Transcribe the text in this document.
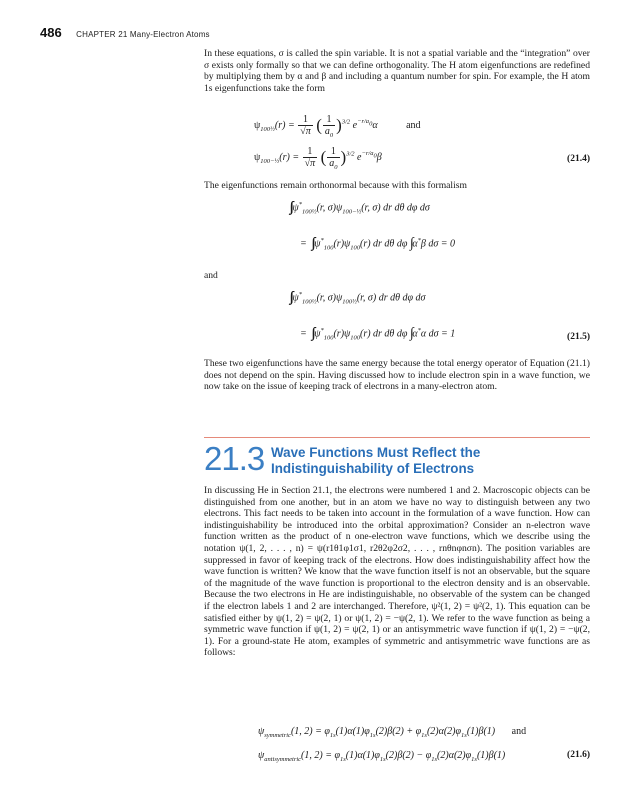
486 CHAPTER 21 Many-Electron Atoms

In these equations, σ is called the spin variable. It is not a spatial variable and the “integration” over σ exists only formally so that we can define orthogonality. The H atom eigenfunctions are redefined by multiplying them by α and β and including a quantum number for spin. For example, the H atom 1s eigenfunctions take the form

$\psi_{100\frac{1}{2}}(r) = \frac{1}{√\pi}$ ( $\frac{1}{a_0} )^{3/2}$ $e^{-r/a_0}\alpha$	and
$\psi_{100-\frac{1}{2}}(r) = \frac{1}{√\pi}$ ( $\frac{1}{a_0} )^{3/2}$ $e^{-r/a_0}\beta$	(21.4)

The eigenfunctions remain orthonormal because with this formalism

$\psi^*_{100\frac{1}{2}}(r$, $\sigma)\psi_{100-\frac{1}{2}}(r$, σ) dr dθ dφ dσ
=   $\psi^*_{100}(r)\psi_{100}(r)$ dr dθ dφ α*β dσ = 0

and

$\psi^*_{100\frac{1}{2}}(r$, $\sigma)\psi_{100\frac{1}{2}}(r$, σ) dr dθ dφ dσ
=   $\psi^*_{100}(r)\psi_{100}(r)$ dr dθ dφ α*α dσ = 1	(21.5)

These two eigenfunctions have the same energy because the total energy operator of Equation (21.1) does not depend on the spin. Having discussed how to include electron spin in a wave function, we now take on the issue of keeping track of electrons in a many-electron atom.

21.3 Wave Functions Must Reflect the Indistinguishability of Electrons

In discussing He in Section 21.1, the electrons were numbered 1 and 2. Macroscopic objects can be distinguished from one another, but in an atom we have no way to distinguish between any two electrons. This fact needs to be taken into account in the formulation of a wave function. How can indistinguishability be introduced into the orbital approximation? Consider an n-electron wave function written as the product of n one-electron wave functions, which we describe using the notation ψ(1, 2, . . . , n) = ψ(r1θ1φ1σ1, r2θ2φ2σ2, . . . , rnθnφnσn). The position variables are suppressed in favor of keeping track of the electrons. How does indistinguishability affect how the wave function is written? We know that the wave function itself is not an observable, but the square of the magnitude of the wave function is proportional to the electron density and is an observable. Because the two electrons in He are indistinguishable, no observable of the system can be changed if the electron labels 1 and 2 are interchanged. Therefore, ψ²(1, 2) = ψ²(2, 1). This equation can be satisfied either by ψ(1, 2) = ψ(2, 1) or ψ(1, 2) = −ψ(2, 1). We refer to the wave function as being a symmetric wave function if ψ(1, 2) = ψ(2, 1) or an antisymmetric wave function if ψ(1, 2) = −ψ(2, 1). For a ground-state He atom, examples of symmetric and antisymmetric wave functions are as follows:

$\psi_{symmetric}(1$, $2) = \varphi_{1s}(1)\alpha(1)\varphi_{1s}(2)\beta(2) + \varphi_{1s}(2)\alpha(2)\varphi_{1s}(1)\beta(1)$ and
$\psi_{antisymmetric}(1$, $2) = \varphi_{1s}(1)\alpha(1)\varphi_{1s}(2)\beta(2) - \varphi_{1s}(2)\alpha(2)\varphi_{1s}(1)\beta(1)$	(21.6)
